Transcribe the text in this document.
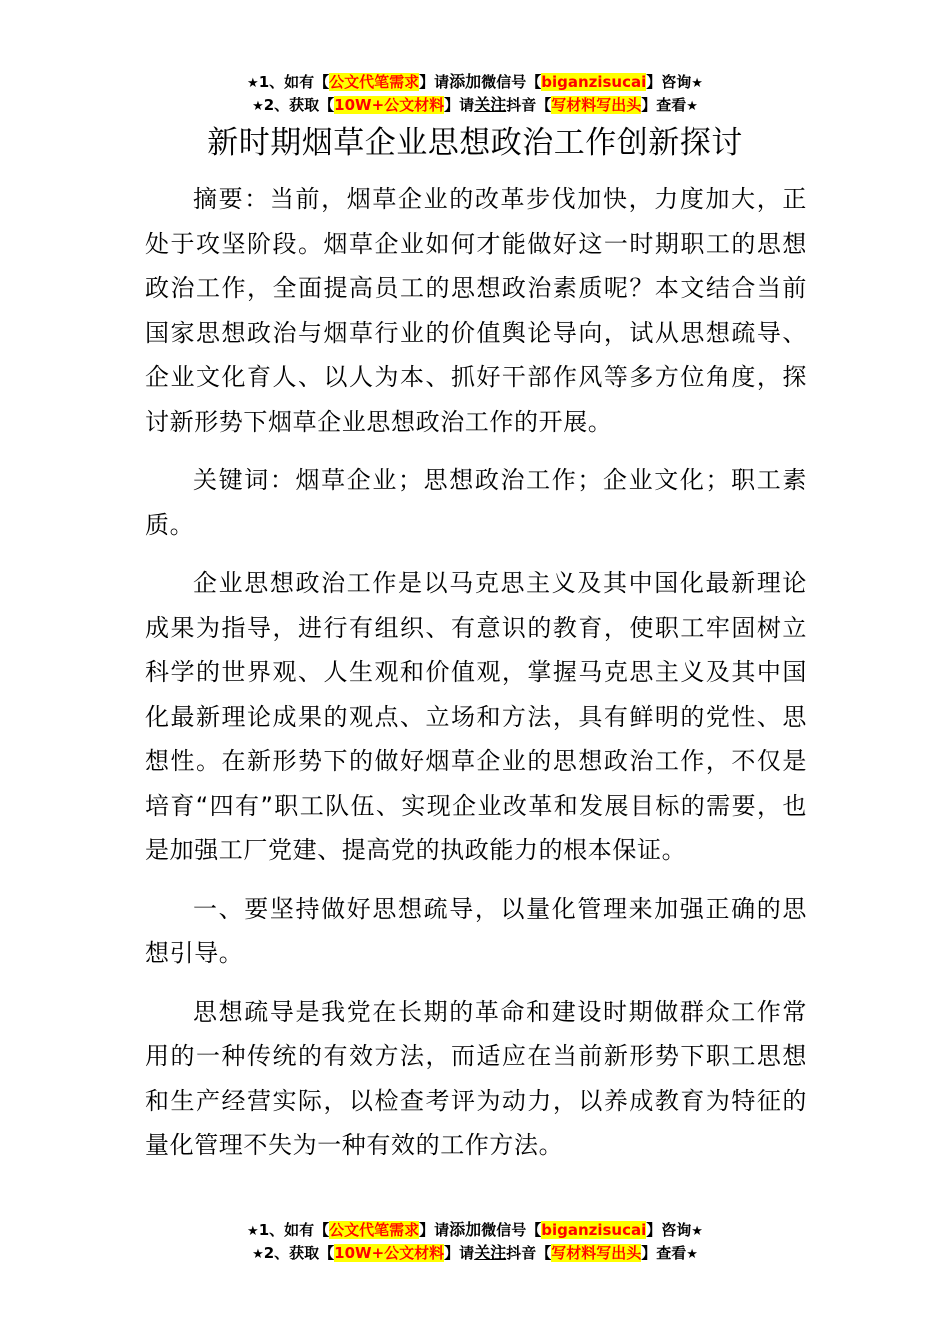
★1、如有【公文代笔需求】请添加微信号【biganzisucai】咨询★
★2、获取【10W+公文材料】请关注抖音【写材料写出头】查看★
新时期烟草企业思想政治工作创新探讨

摘要：当前，烟草企业的改革步伐加快，力度加大，正处于攻坚阶段。烟草企业如何才能做好这一时期职工的思想政治工作，全面提高员工的思想政治素质呢？本文结合当前国家思想政治与烟草行业的价值舆论导向，试从思想疏导、企业文化育人、以人为本、抓好干部作风等多方位角度，探讨新形势下烟草企业思想政治工作的开展。

关键词：烟草企业；思想政治工作；企业文化；职工素质。

企业思想政治工作是以马克思主义及其中国化最新理论成果为指导，进行有组织、有意识的教育，使职工牢固树立科学的世界观、人生观和价值观，掌握马克思主义及其中国化最新理论成果的观点、立场和方法，具有鲜明的党性、思想性。在新形势下的做好烟草企业的思想政治工作，不仅是培育“四有”职工队伍、实现企业改革和发展目标的需要，也是加强工厂党建、提高党的执政能力的根本保证。

一、要坚持做好思想疏导，以量化管理来加强正确的思想引导。

思想疏导是我党在长期的革命和建设时期做群众工作常用的一种传统的有效方法，而适应在当前新形势下职工思想和生产经营实际，以检查考评为动力，以养成教育为特征的量化管理不失为一种有效的工作方法。

★1、如有【公文代笔需求】请添加微信号【biganzisucai】咨询★
★2、获取【10W+公文材料】请关注抖音【写材料写出头】查看★
